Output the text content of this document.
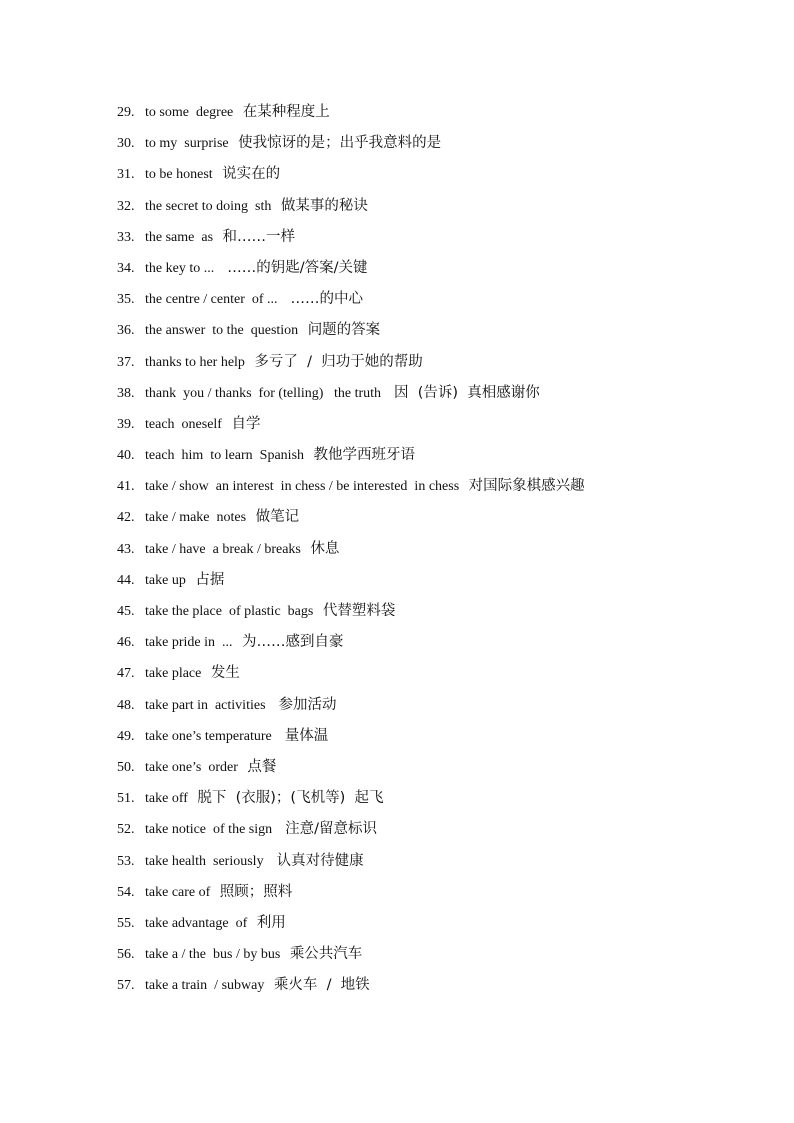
29. to some  degree 在某种程度上
30. to my  surprise 使我惊讶的是；出乎我意料的是
31. to be honest 说实在的
32. the secret to doing  sth 做某事的秘诀
33. the same  as 和……一样
34. the key to ...  ……的钥匙/答案/关键
35. the centre / center  of ...  ……的中心
36. the answer  to the  question 问题的答案
37. thanks to her help 多亏了  /  归功于她的帮助
38. thank  you / thanks  for (telling)   the truth  因  (告诉)  真相感谢你
39. teach  oneself 自学
40. teach  him  to learn  Spanish 教他学西班牙语
41. take / show  an interest  in chess / be interested  in chess 对国际象棋感兴趣
42. take / make  notes 做笔记
43. take / have  a break / breaks 休息
44. take up 占据
45. take the place  of plastic  bags 代替塑料袋
46. take pride in  ... 为……感到自豪
47. take place 发生
48. take part in  activities  参加活动
49. take one’s temperature  量体温
50. take one’s  order 点餐
51. take off 脱下  (衣服)；(飞机等)  起飞
52. take notice  of the sign  注意/留意标识
53. take health  seriously  认真对待健康
54. take care of 照顾；照料
55. take advantage  of 利用
56. take a / the  bus / by bus 乘公共汽车
57. take a train  / subway 乘火车  /  地铁
